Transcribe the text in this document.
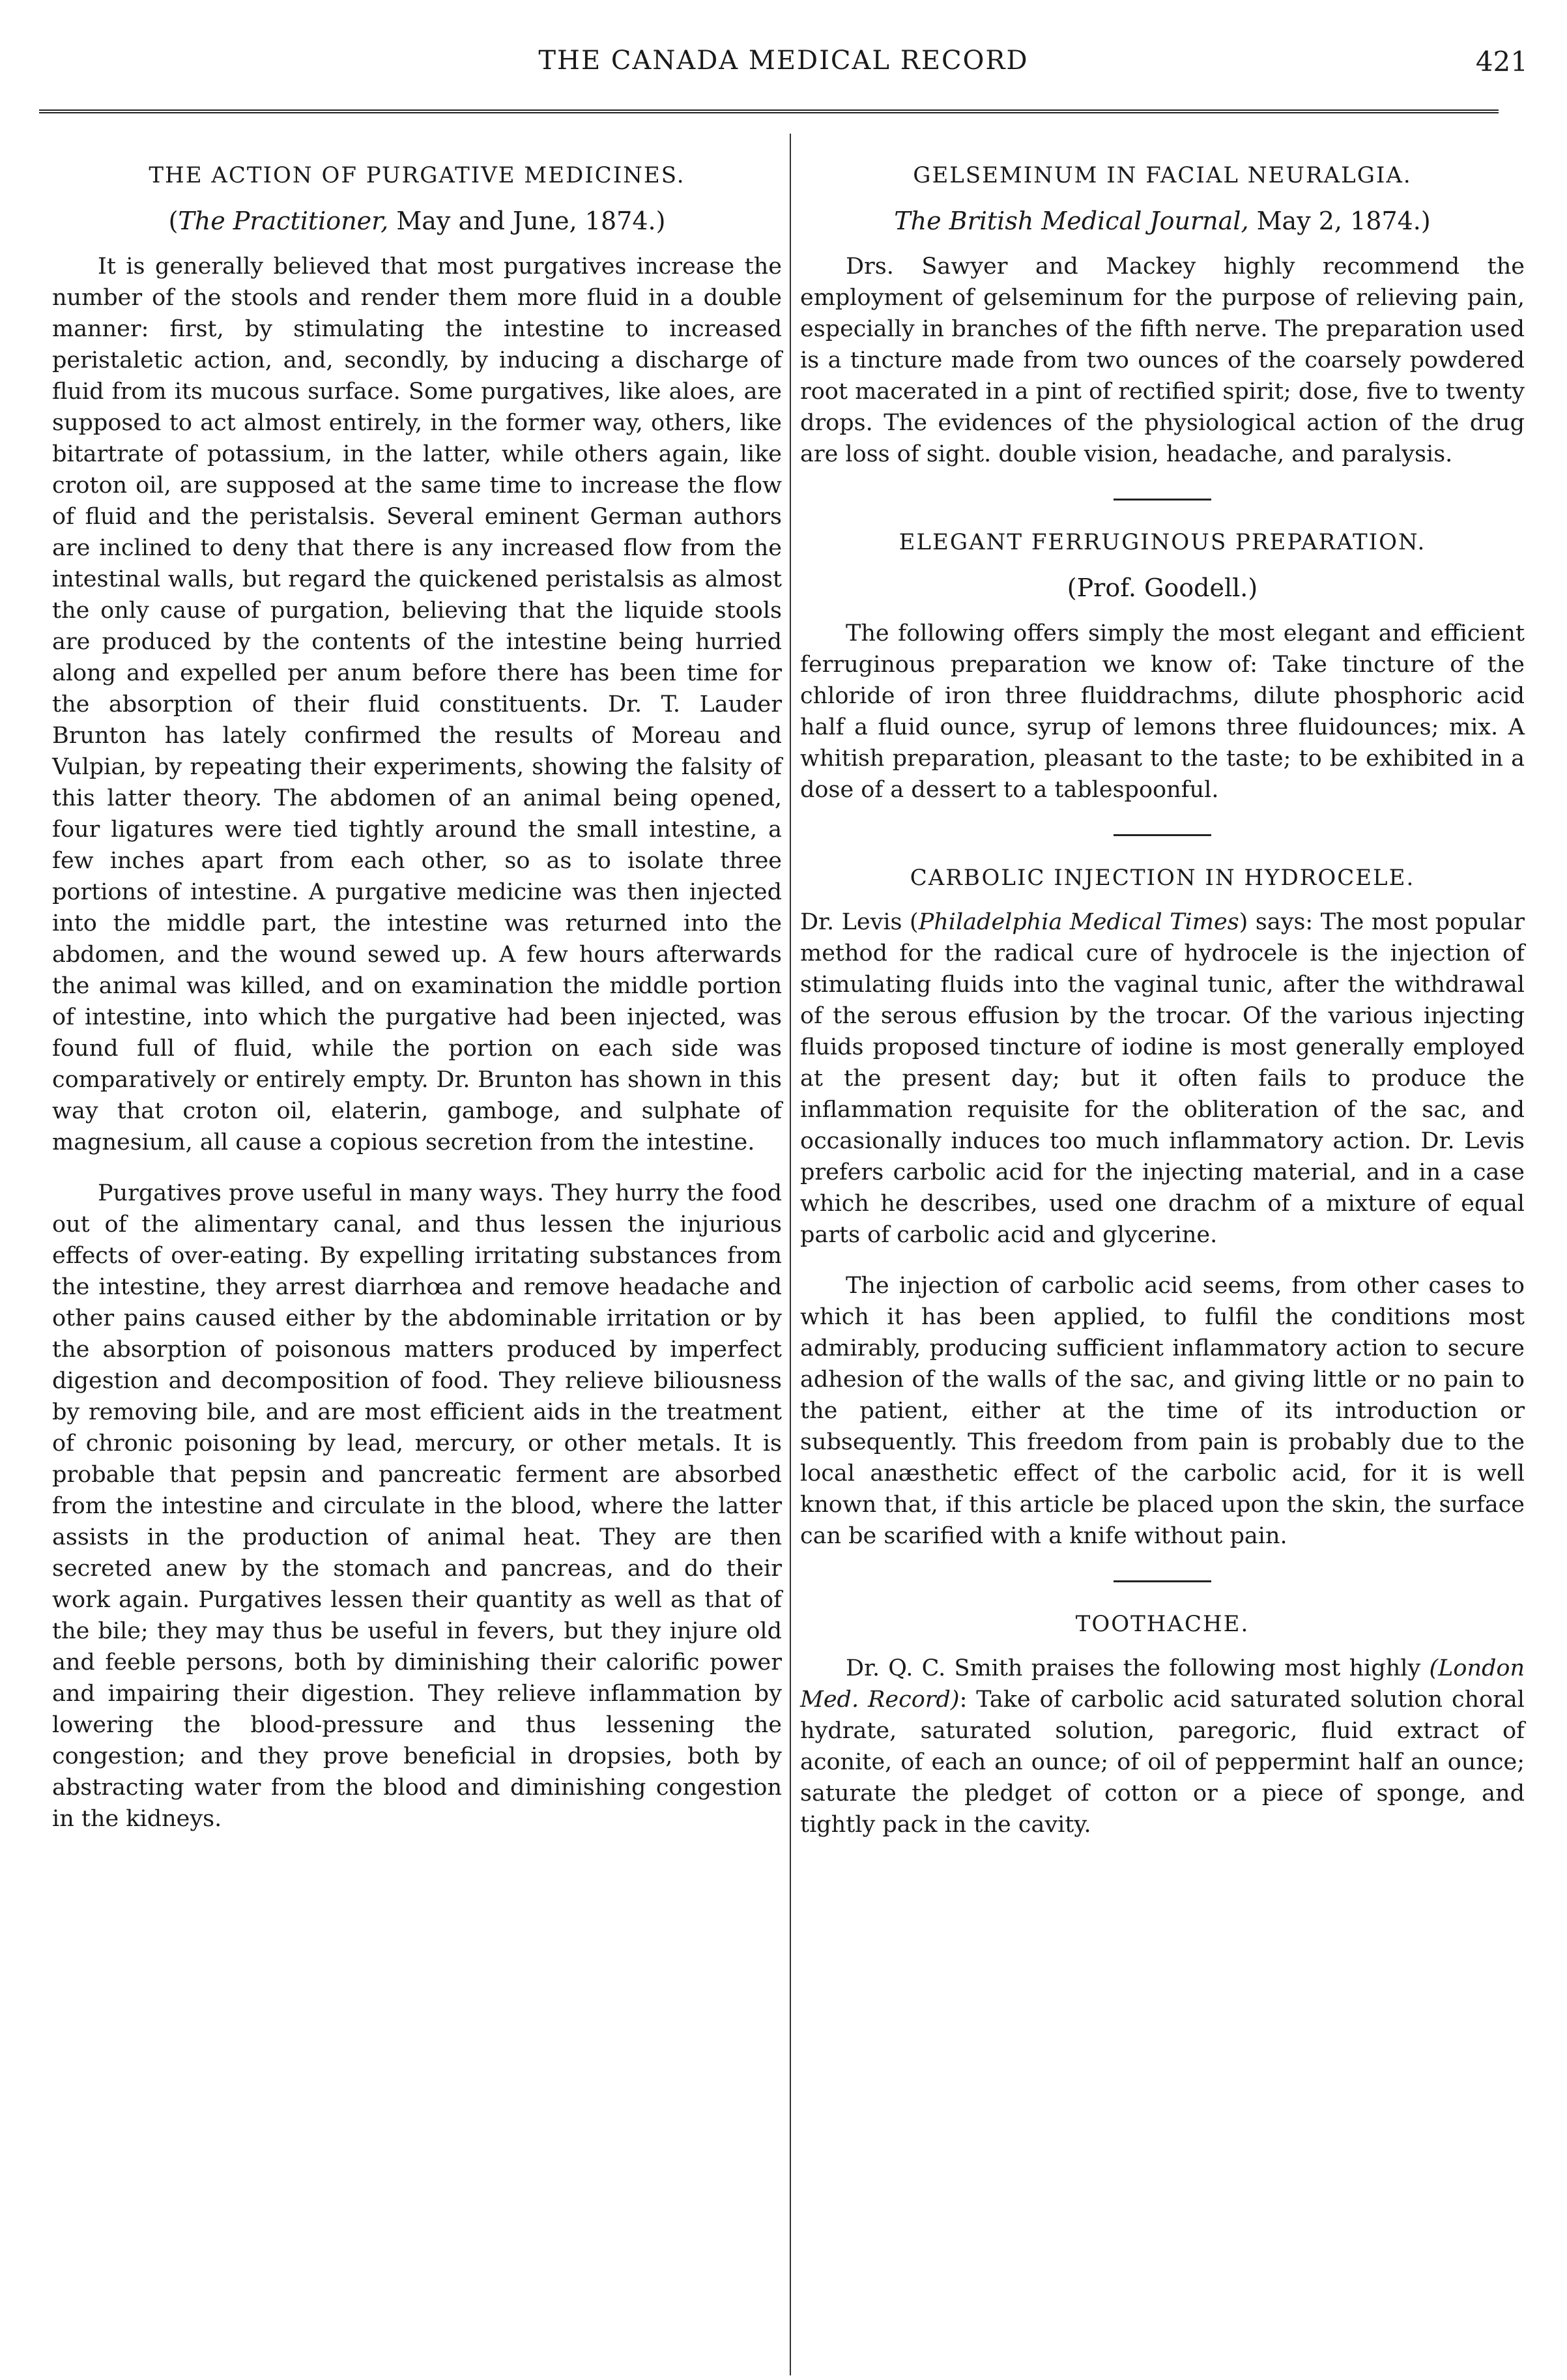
THE CANADA MEDICAL RECORD	421
THE ACTION OF PURGATIVE MEDICINES.
(The Practitioner, May and June, 1874.)

It is generally believed that most purgatives increase the number of the stools and render them more fluid in a double manner: first, by stimulating the intestine to increased peristaletic action, and, secondly, by inducing a discharge of fluid from its mucous surface. Some purgatives, like aloes, are supposed to act almost entirely, in the former way, others, like bitartrate of potassium, in the latter, while others again, like croton oil, are supposed at the same time to increase the flow of fluid and the peristalsis. Several eminent German authors are inclined to deny that there is any increased flow from the intestinal walls, but regard the quickened peristalsis as almost the only cause of purgation, believing that the liquide stools are produced by the contents of the intestine being hurried along and expelled per anum before there has been time for the absorption of their fluid constituents. Dr. T. Lauder Brunton has lately confirmed the results of Moreau and Vulpian, by repeating their experiments, showing the falsity of this latter theory. The abdomen of an animal being opened, four ligatures were tied tightly around the small intestine, a few inches apart from each other, so as to isolate three portions of intestine. A purgative medicine was then injected into the middle part, the intestine was returned into the abdomen, and the wound sewed up. A few hours afterwards the animal was killed, and on examination the middle portion of intestine, into which the purgative had been injected, was found full of fluid, while the portion on each side was comparatively or entirely empty. Dr. Brunton has shown in this way that croton oil, elaterin, gamboge, and sulphate of magnesium, all cause a copious secretion from the intestine.

Purgatives prove useful in many ways. They hurry the food out of the alimentary canal, and thus lessen the injurious effects of over-eating. By expelling irritating substances from the intestine, they arrest diarrhœa and remove headache and other pains caused either by the abdominable irritation or by the absorption of poisonous matters produced by imperfect digestion and decomposition of food. They relieve biliousness by removing bile, and are most efficient aids in the treatment of chronic poisoning by lead, mercury, or other metals. It is probable that pepsin and pancreatic ferment are absorbed from the intestine and circulate in the blood, where the latter assists in the production of animal heat. They are then secreted anew by the stomach and pancreas, and do their work again. Purgatives lessen their quantity as well as that of the bile; they may thus be useful in fevers, but they injure old and feeble persons, both by diminishing their calorific power and impairing their digestion. They relieve inflammation by lowering the blood-pressure and thus lessening the congestion; and they prove beneficial in dropsies, both by abstracting water from the blood and diminishing congestion in the kidneys.

GELSEMINUM IN FACIAL NEURALGIA.
The British Medical Journal, May 2, 1874.)

Drs. Sawyer and Mackey highly recommend the employment of gelseminum for the purpose of relieving pain, especially in branches of the fifth nerve. The preparation used is a tincture made from two ounces of the coarsely powdered root macerated in a pint of rectified spirit; dose, five to twenty drops. The evidences of the physiological action of the drug are loss of sight. double vision, headache, and paralysis.

ELEGANT FERRUGINOUS PREPARATION.
(Prof. Goodell.)

The following offers simply the most elegant and efficient ferruginous preparation we know of: Take tincture of the chloride of iron three fluiddrachms, dilute phosphoric acid half a fluid ounce, syrup of lemons three fluidounces; mix. A whitish preparation, pleasant to the taste; to be exhibited in a dose of a dessert to a tablespoonful.

CARBOLIC INJECTION IN HYDROCELE.

Dr. Levis (Philadelphia Medical Times) says: The most popular method for the radical cure of hydrocele is the injection of stimulating fluids into the vaginal tunic, after the withdrawal of the serous effusion by the trocar. Of the various injecting fluids proposed tincture of iodine is most generally employed at the present day; but it often fails to produce the inflammation requisite for the obliteration of the sac, and occasionally induces too much inflammatory action. Dr. Levis prefers carbolic acid for the injecting material, and in a case which he describes, used one drachm of a mixture of equal parts of carbolic acid and glycerine.

The injection of carbolic acid seems, from other cases to which it has been applied, to fulfil the conditions most admirably, producing sufficient inflammatory action to secure adhesion of the walls of the sac, and giving little or no pain to the patient, either at the time of its introduction or subsequently. This freedom from pain is probably due to the local anæsthetic effect of the carbolic acid, for it is well known that, if this article be placed upon the skin, the surface can be scarified with a knife without pain.

TOOTHACHE.

Dr. Q. C. Smith praises the following most highly (London Med. Record): Take of carbolic acid saturated solution choral hydrate, saturated solution, paregoric, fluid extract of aconite, of each an ounce; of oil of peppermint half an ounce; saturate the pledget of cotton or a piece of sponge, and tightly pack in the cavity.
